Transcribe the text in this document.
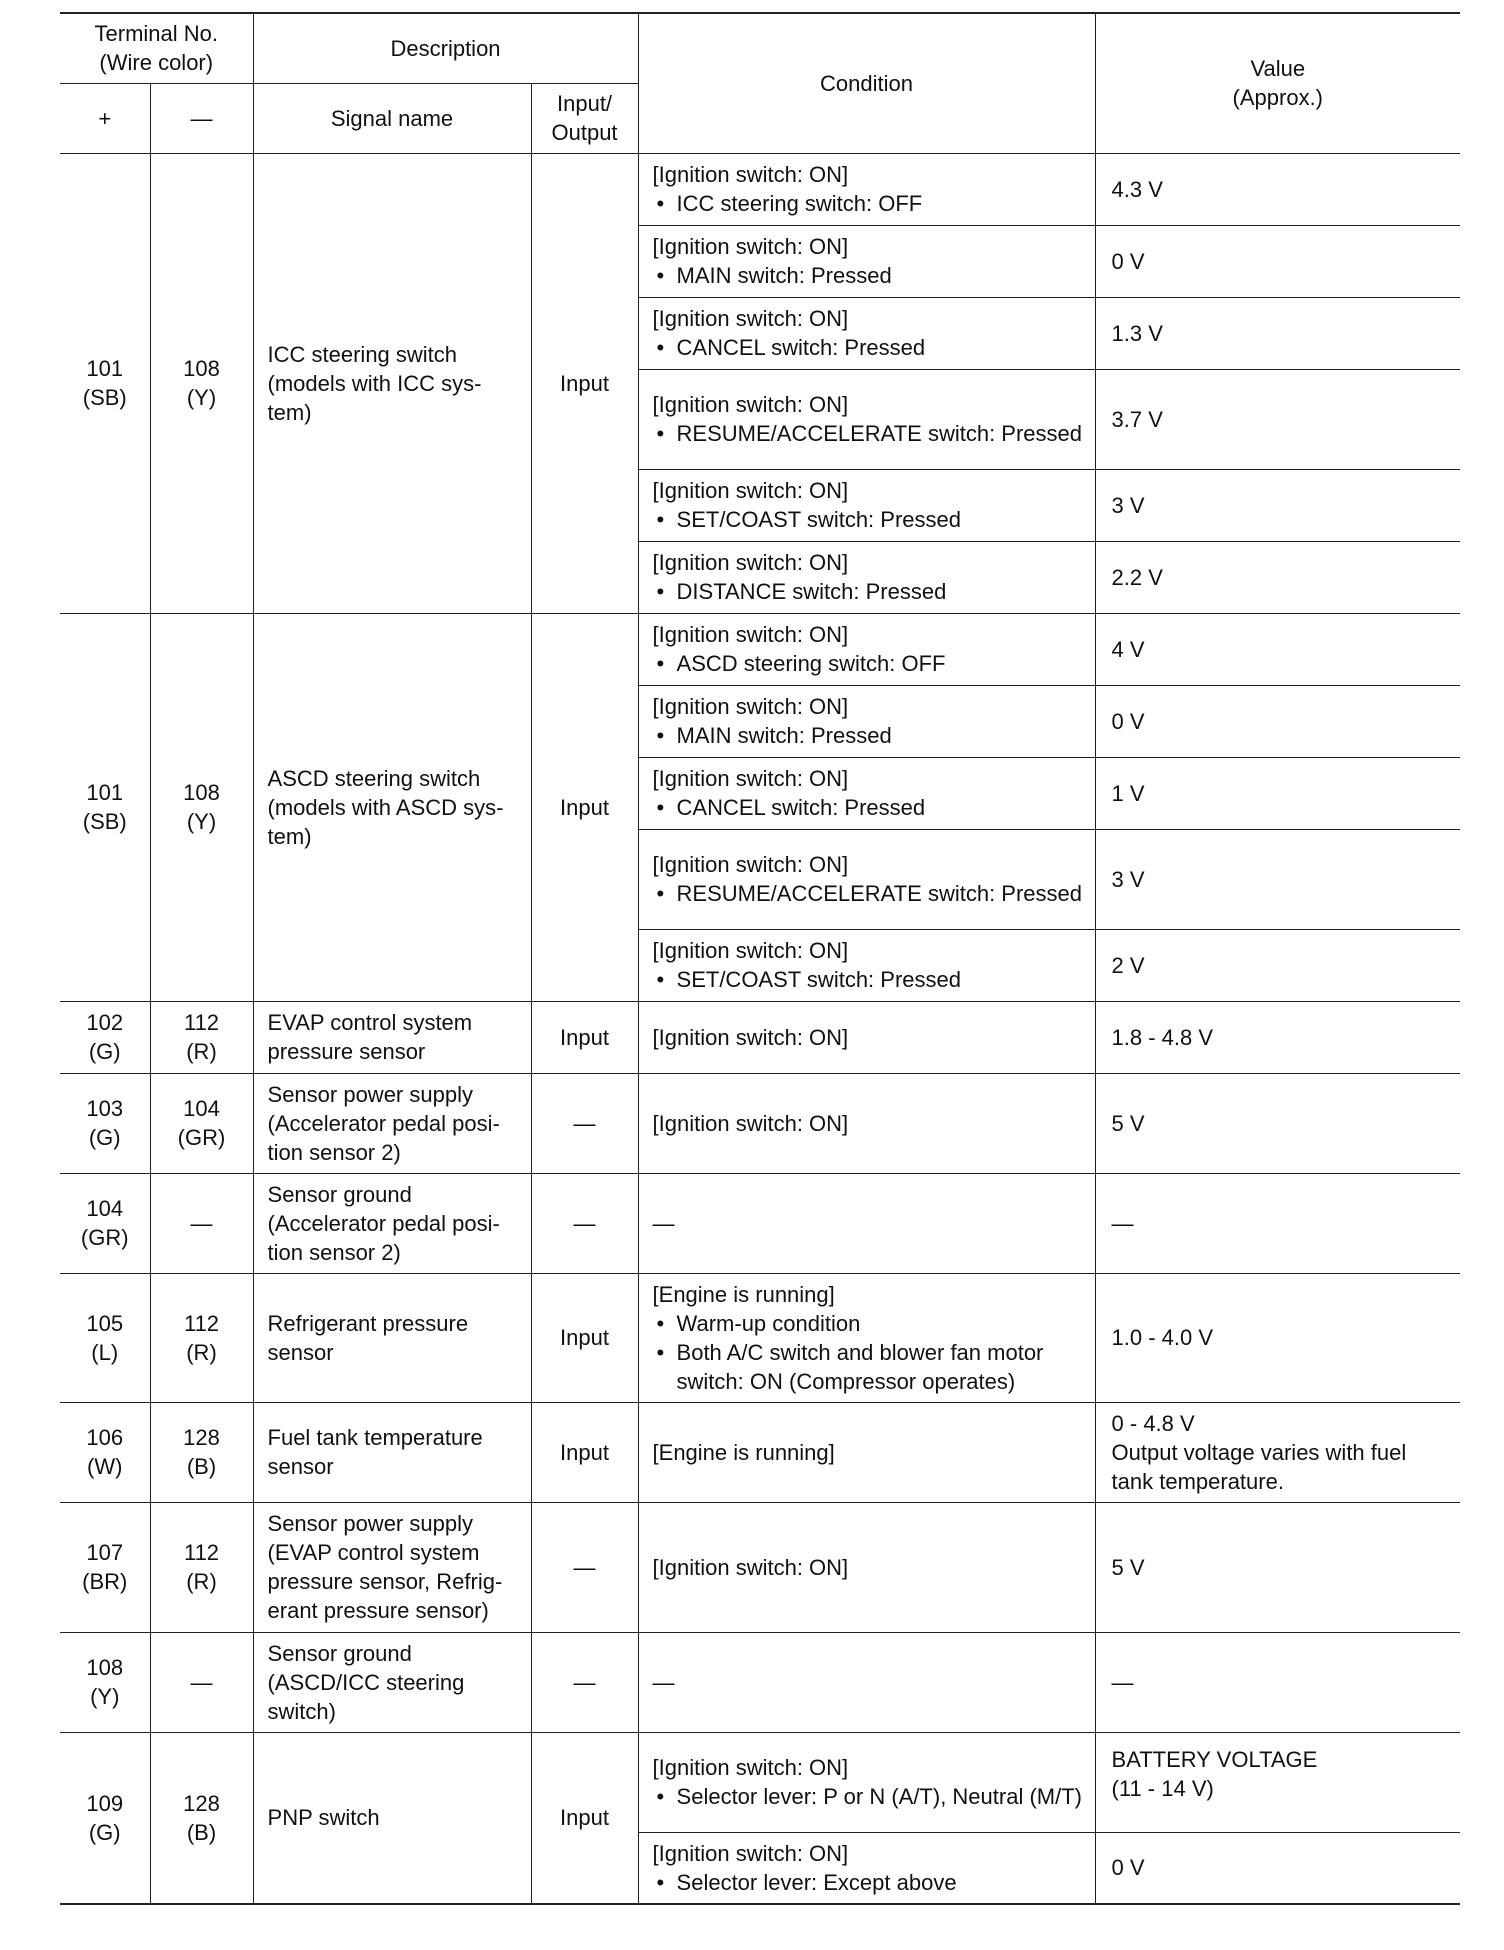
Terminal No.
(Wire color)		Description		Condition	Value
(Approx.)

+	—	Signal name	Input/
Output		

101
(SB)	108
(Y)	ICC steering switch
(models with ICC sys-
tem)	Input	[Ignition switch: ON]
• ICC steering switch: OFF	4.3 V

				[Ignition switch: ON]
• MAIN switch: Pressed	0 V

				[Ignition switch: ON]
• CANCEL switch: Pressed	1.3 V

				[Ignition switch: ON]
• RESUME/ACCELERATE switch: Pressed	3.7 V

				[Ignition switch: ON]
• SET/COAST switch: Pressed	3 V

				[Ignition switch: ON]
• DISTANCE switch: Pressed	2.2 V

101
(SB)	108
(Y)	ASCD steering switch
(models with ASCD sys-
tem)	Input	[Ignition switch: ON]
• ASCD steering switch: OFF	4 V

				[Ignition switch: ON]
• MAIN switch: Pressed	0 V

				[Ignition switch: ON]
• CANCEL switch: Pressed	1 V

				[Ignition switch: ON]
• RESUME/ACCELERATE switch: Pressed	3 V

				[Ignition switch: ON]
• SET/COAST switch: Pressed	2 V

102
(G)	112
(R)	EVAP control system
pressure sensor	Input	[Ignition switch: ON]	1.8 - 4.8 V

103
(G)	104
(GR)	Sensor power supply
(Accelerator pedal posi-
tion sensor 2)	—	[Ignition switch: ON]	5 V

104
(GR)	—	Sensor ground
(Accelerator pedal posi-
tion sensor 2)	—	—	—

105
(L)	112
(R)	Refrigerant pressure
sensor	Input	[Engine is running]
• Warm-up condition
• Both A/C switch and blower fan motor switch: ON (Compressor operates)	1.0 - 4.0 V

106
(W)	128
(B)	Fuel tank temperature
sensor	Input	[Engine is running]	0 - 4.8 V
Output voltage varies with fuel
tank temperature.

107
(BR)	112
(R)	Sensor power supply
(EVAP control system
pressure sensor, Refrig-
erant pressure sensor)	—	[Ignition switch: ON]	5 V

108
(Y)	—	Sensor ground
(ASCD/ICC steering
switch)	—	—	—

109
(G)	128
(B)	PNP switch	Input	[Ignition switch: ON]
• Selector lever: P or N (A/T), Neutral (M/T)	BATTERY VOLTAGE
(11 - 14 V)

				[Ignition switch: ON]
• Selector lever: Except above	0 V
